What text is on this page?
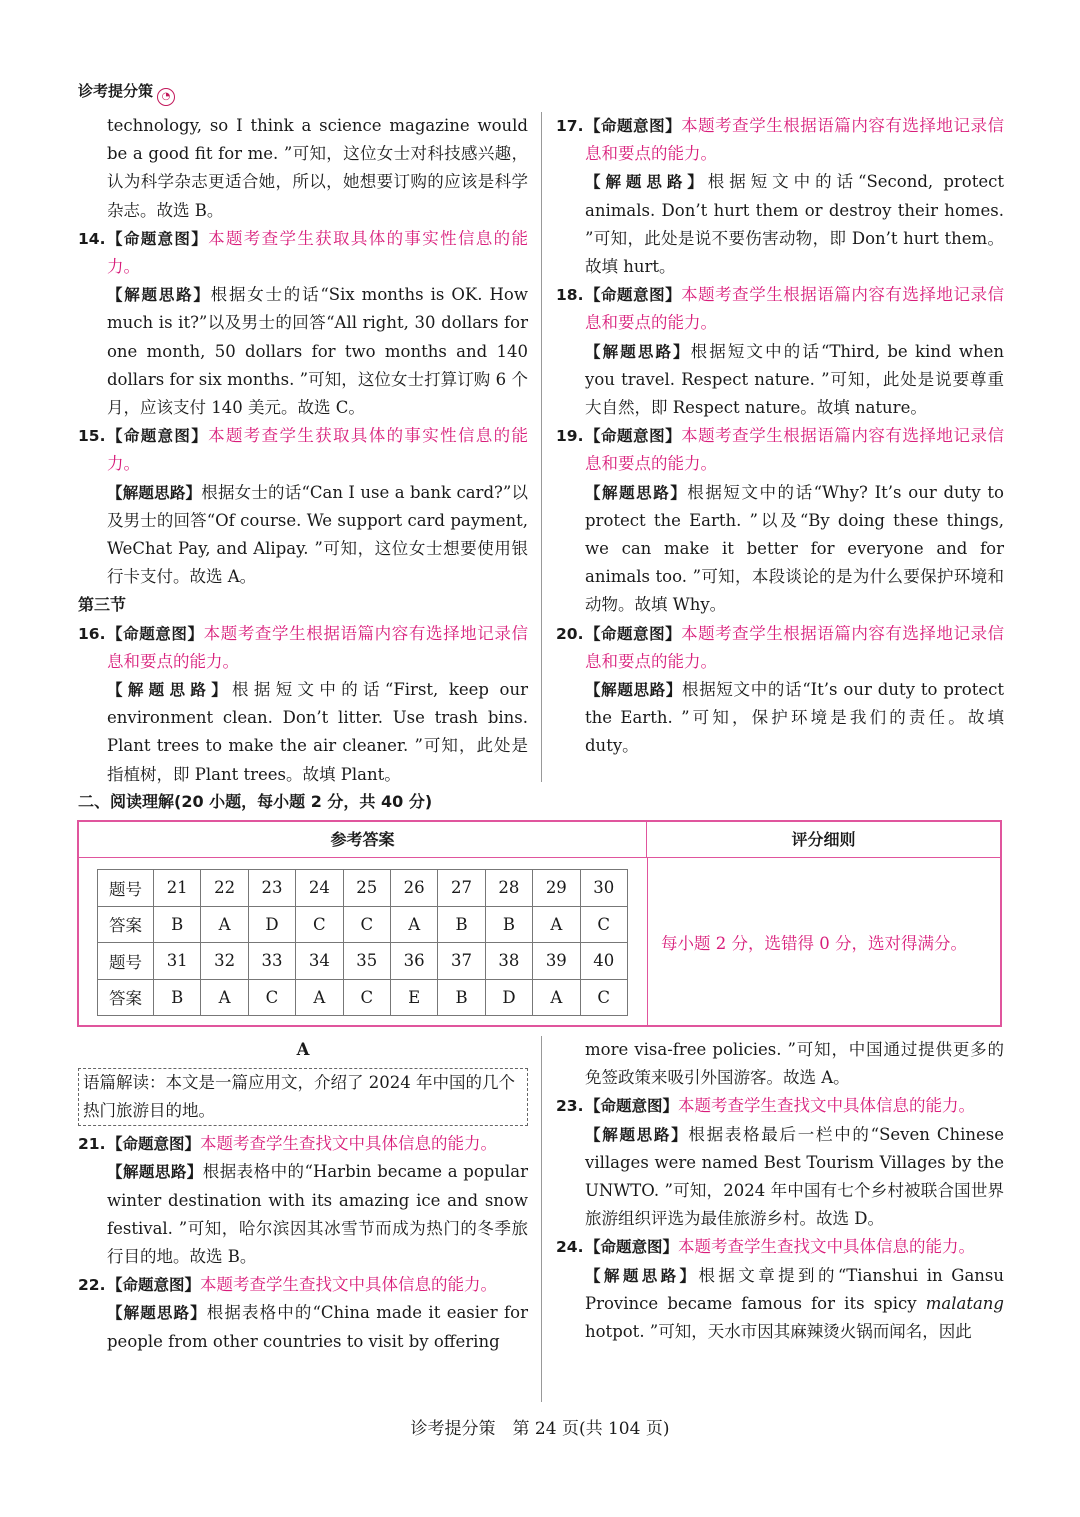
诊考提分策 ◔

technology, so I think a science magazine would be a good fit for me. ”可知，这位女士对科技感兴趣，认为科学杂志更适合她，所以，她想要订购的应该是科学杂志。故选 B。

14. 【命题意图】本题考查学生获取具体的事实性信息的能力。

【解题思路】根据女士的话“Six months is OK. How much is it?”以及男士的回答“All right, 30 dollars for one month, 50 dollars for two months and 140 dollars for six months. ”可知，这位女士打算订购 6 个月，应该支付 140 美元。故选 C。

15. 【命题意图】本题考查学生获取具体的事实性信息的能力。

【解题思路】根据女士的话“Can I use a bank card?”以及男士的回答“Of course. We support card payment, WeChat Pay, and Alipay. ”可知，这位女士想要使用银行卡支付。故选 A。

第三节

16. 【命题意图】本题考查学生根据语篇内容有选择地记录信息和要点的能力。

【解题思路】根据短文中的话“First, keep our environment clean. Don’t litter. Use trash bins. Plant trees to make the air cleaner. ”可知，此处是指植树，即 Plant trees。故填 Plant。

17. 【命题意图】本题考查学生根据语篇内容有选择地记录信息和要点的能力。

【解题思路】根据短文中的话“Second, protect animals. Don’t hurt them or destroy their homes. ”可知，此处是说不要伤害动物，即 Don’t hurt them。故填 hurt。

18. 【命题意图】本题考查学生根据语篇内容有选择地记录信息和要点的能力。

【解题思路】根据短文中的话“Third, be kind when you travel. Respect nature. ”可知，此处是说要尊重大自然，即 Respect nature。故填 nature。

19. 【命题意图】本题考查学生根据语篇内容有选择地记录信息和要点的能力。

【解题思路】根据短文中的话“Why? It’s our duty to protect the Earth. ”以及“By doing these things, we can make it better for everyone and for animals too. ”可知，本段谈论的是为什么要保护环境和动物。故填 Why。

20. 【命题意图】本题考查学生根据语篇内容有选择地记录信息和要点的能力。

【解题思路】根据短文中的话“It’s our duty to protect the Earth. ”可知，保护环境是我们的责任。故填 duty。

二、阅读理解(20 小题，每小题 2 分，共 40 分)
参考答案	评分细则
题号	21	22	23	24	25	26	27	28	29	30
答案	B	A	D	C	C	A	B	B	A	C
题号	31	32	33	34	35	36	37	38	39	40
答案	B	A	C	A	C	E	B	D	A	C
每小题 2 分，选错得 0 分，选对得满分。
A
语篇解读：本文是一篇应用文，介绍了 2024 年中国的几个热门旅游目的地。
21. 【命题意图】本题考查学生查找文中具体信息的能力。

【解题思路】根据表格中的“Harbin became a popular winter destination with its amazing ice and snow festival. ”可知，哈尔滨因其冰雪节而成为热门的冬季旅行目的地。故选 B。

22. 【命题意图】本题考查学生查找文中具体信息的能力。

【解题思路】根据表格中的“China made it easier for people from other countries to visit by offering

more visa-free policies. ”可知，中国通过提供更多的免签政策来吸引外国游客。故选 A。

23. 【命题意图】本题考查学生查找文中具体信息的能力。

【解题思路】根据表格最后一栏中的“Seven Chinese villages were named Best Tourism Villages by the UNWTO. ”可知，2024 年中国有七个乡村被联合国世界旅游组织评选为最佳旅游乡村。故选 D。

24. 【命题意图】本题考查学生查找文中具体信息的能力。

【解题思路】根据文章提到的“Tianshui in Gansu Province became famous for its spicy malatang hotpot. ”可知，天水市因其麻辣烫火锅而闻名，因此

诊考提分策　第 24 页(共 104 页)
